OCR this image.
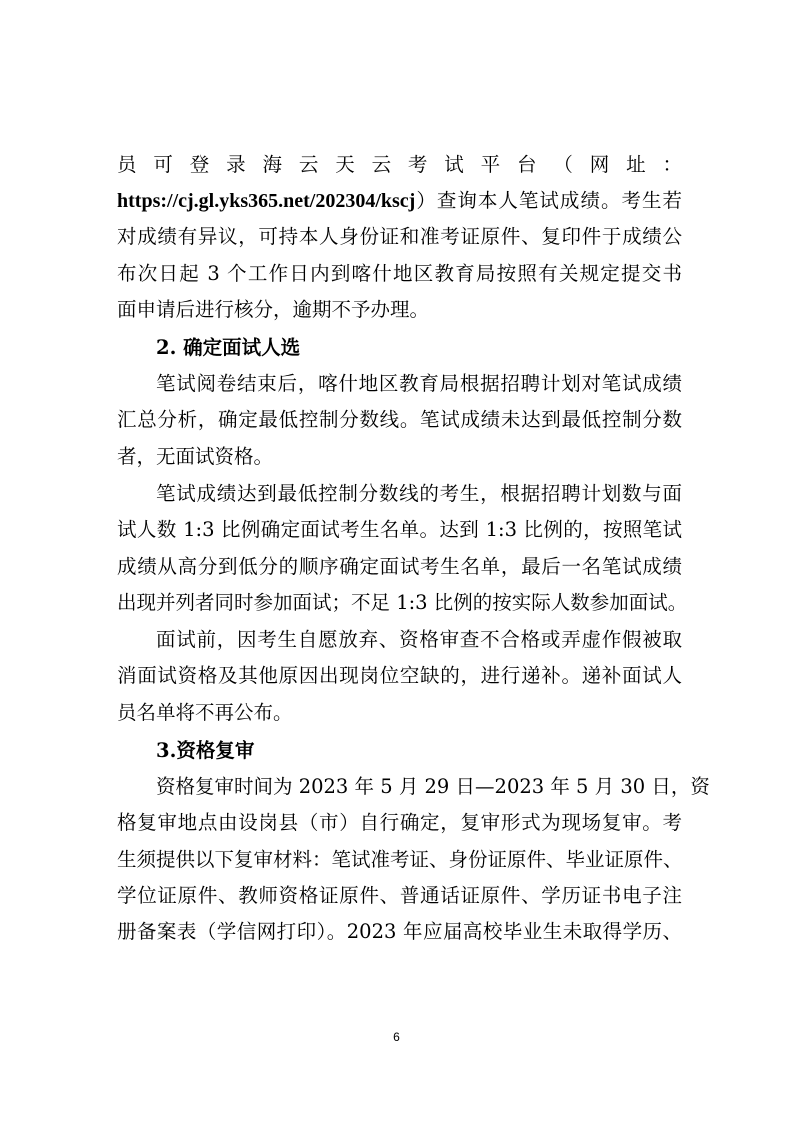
员 可 登 录 海 云 天 云 考 试 平 台 （ 网 址 ：
https://cj.gl.yks365.net/202304/kscj）查询本人笔试成绩。考生若
对成绩有异议，可持本人身份证和准考证原件、复印件于成绩公
布次日起 3 个工作日内到喀什地区教育局按照有关规定提交书
面申请后进行核分，逾期不予办理。
2. 确定面试人选
笔试阅卷结束后，喀什地区教育局根据招聘计划对笔试成绩
汇总分析，确定最低控制分数线。笔试成绩未达到最低控制分数
者，无面试资格。
笔试成绩达到最低控制分数线的考生，根据招聘计划数与面
试人数 1:3 比例确定面试考生名单。达到 1:3 比例的，按照笔试
成绩从高分到低分的顺序确定面试考生名单，最后一名笔试成绩
出现并列者同时参加面试；不足 1:3 比例的按实际人数参加面试。
面试前，因考生自愿放弃、资格审查不合格或弄虚作假被取
消面试资格及其他原因出现岗位空缺的，进行递补。递补面试人
员名单将不再公布。
3.资格复审
资格复审时间为 2023 年 5 月 29 日—2023 年 5 月 30 日，资
格复审地点由设岗县（市）自行确定，复审形式为现场复审。考
生须提供以下复审材料：笔试准考证、身份证原件、毕业证原件、
学位证原件、教师资格证原件、普通话证原件、学历证书电子注
册备案表（学信网打印）。2023 年应届高校毕业生未取得学历、
6
